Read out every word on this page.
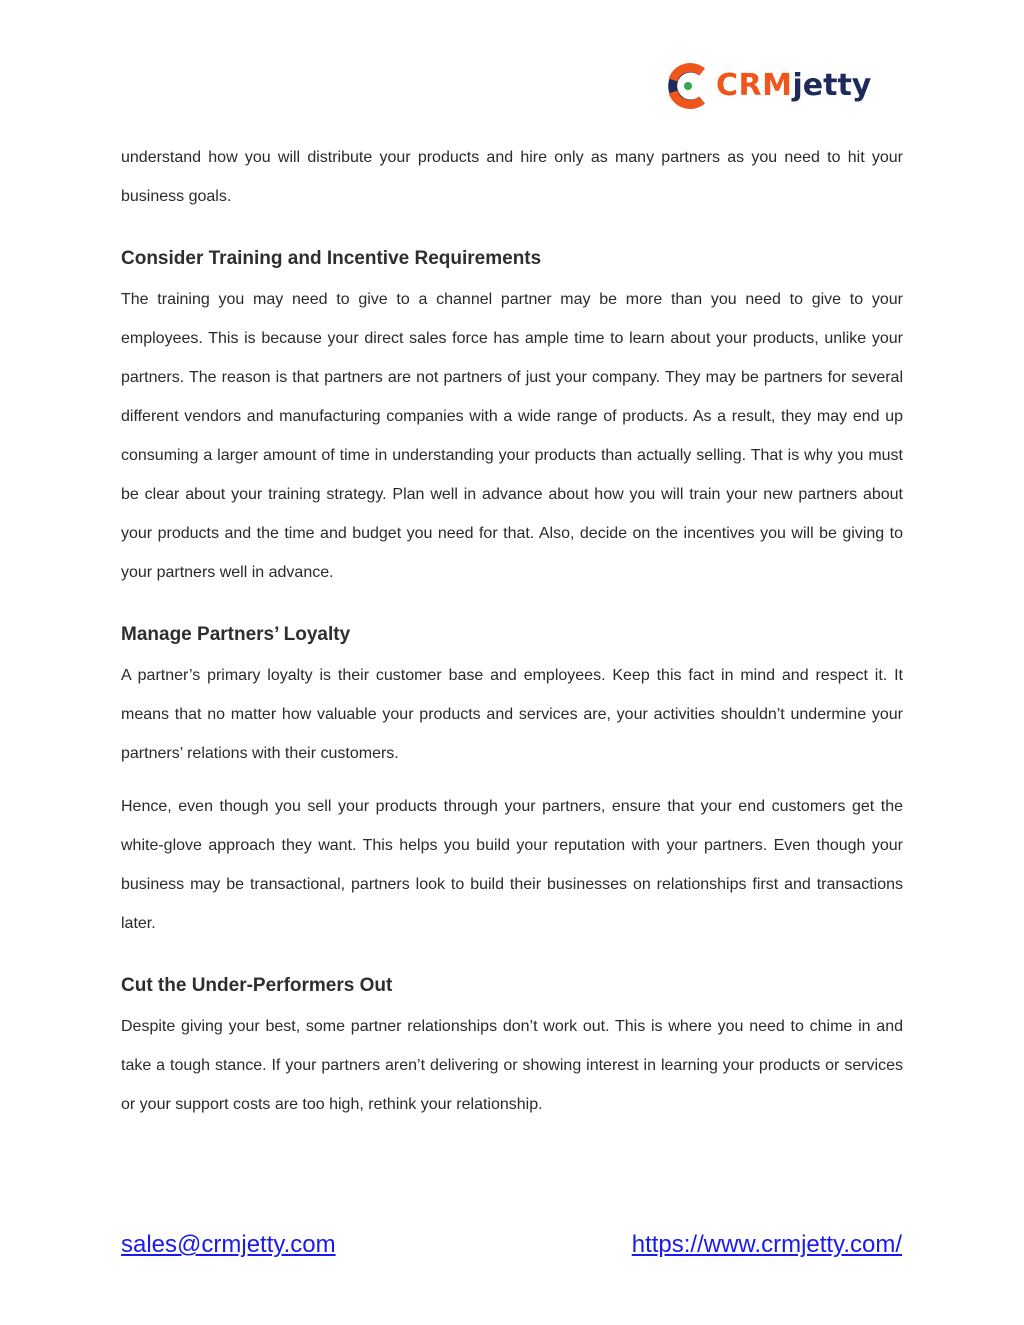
CRMjetty

understand how you will distribute your products and hire only as many partners as you need to hit your business goals.

Consider Training and Incentive Requirements

The training you may need to give to a channel partner may be more than you need to give to your employees. This is because your direct sales force has ample time to learn about your products, unlike your partners. The reason is that partners are not partners of just your company. They may be partners for several different vendors and manufacturing companies with a wide range of products. As a result, they may end up consuming a larger amount of time in understanding your products than actually selling. That is why you must be clear about your training strategy. Plan well in advance about how you will train your new partners about your products and the time and budget you need for that. Also, decide on the incentives you will be giving to your partners well in advance.

Manage Partners’ Loyalty

A partner’s primary loyalty is their customer base and employees. Keep this fact in mind and respect it. It means that no matter how valuable your products and services are, your activities shouldn’t undermine your partners’ relations with their customers.

Hence, even though you sell your products through your partners, ensure that your end customers get the white-glove approach they want. This helps you build your reputation with your partners. Even though your business may be transactional, partners look to build their businesses on relationships first and transactions later.

Cut the Under-Performers Out

Despite giving your best, some partner relationships don’t work out. This is where you need to chime in and take a tough stance. If your partners aren’t delivering or showing interest in learning your products or services or your support costs are too high, rethink your relationship.

sales@crmjetty.com	https://www.crmjetty.com/
